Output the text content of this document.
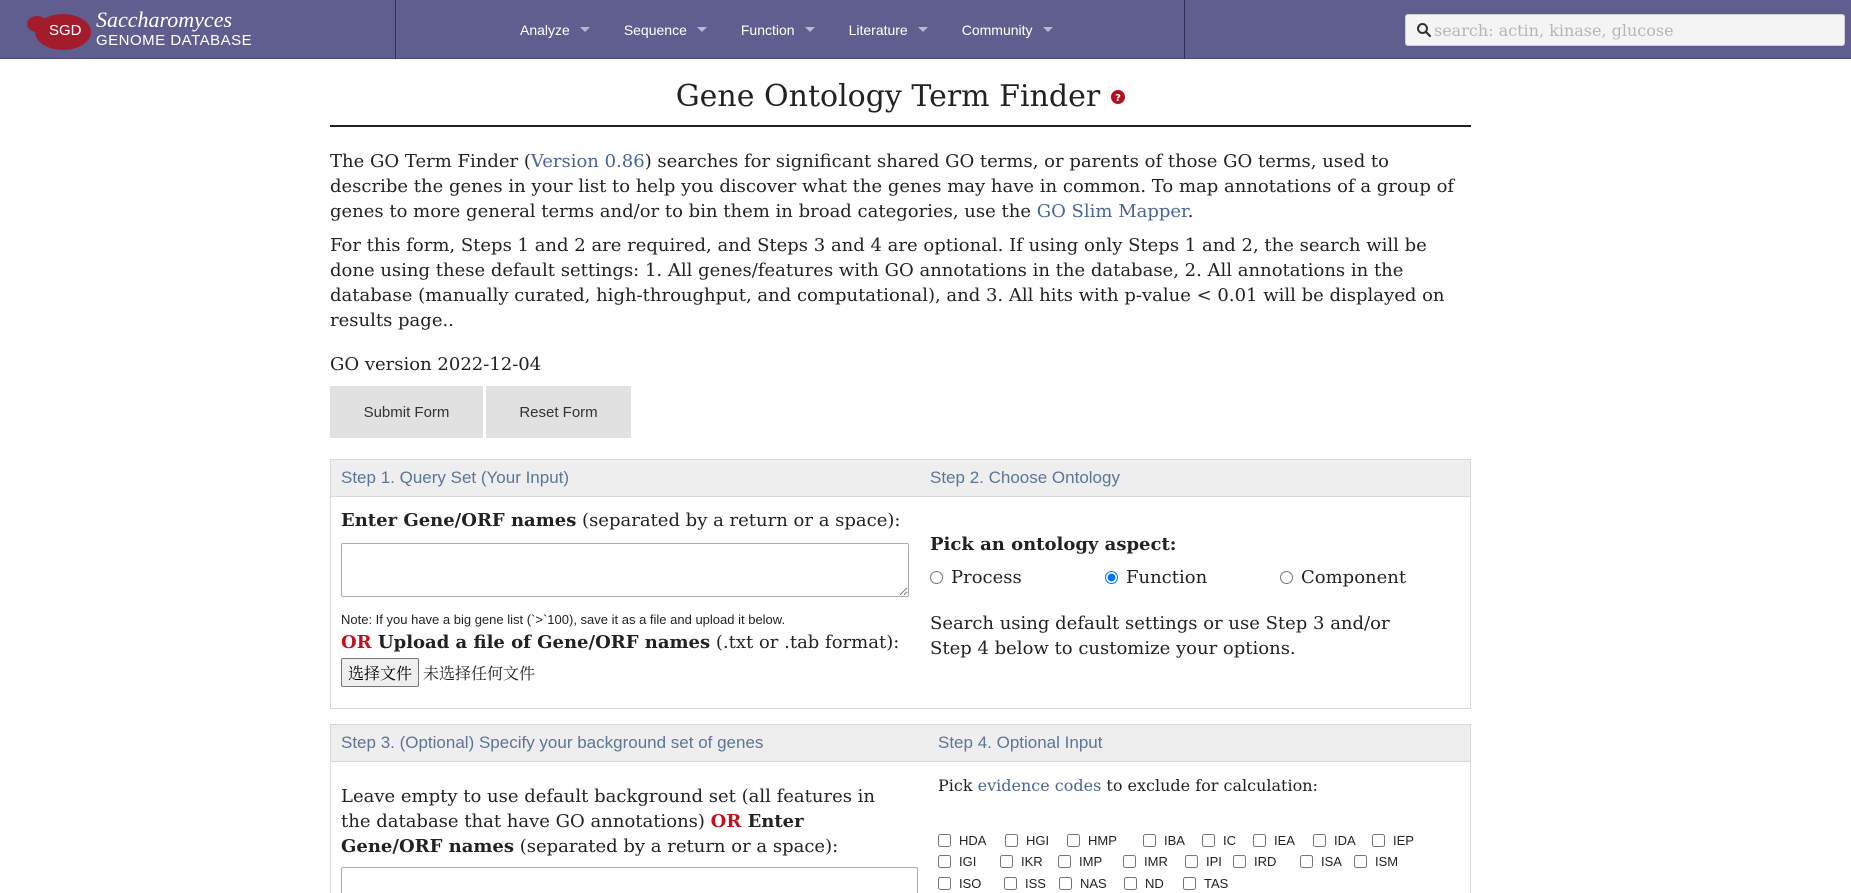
SGD Saccharomyces
GENOME DATABASE
Analyze	Sequence	Function	Literature	Community
search: actin, kinase, glucose
Gene Ontology Term Finder ?

The GO Term Finder (Version 0.86) searches for significant shared GO terms, or parents of those GO terms, used to describe the genes in your list to help you discover what the genes may have in common. To map annotations of a group of genes to more general terms and/or to bin them in broad categories, use the GO Slim Mapper.

For this form, Steps 1 and 2 are required, and Steps 3 and 4 are optional. If using only Steps 1 and 2, the search will be done using these default settings: 1. All genes/features with GO annotations in the database, 2. All annotations in the database (manually curated, high-throughput, and computational), and 3. All hits with p-value < 0.01 will be displayed on results page..

GO version 2022-12-04
Submit Form	Reset Form
Step 1. Query Set (Your Input)	Step 2. Choose Ontology
Enter Gene/ORF names (separated by a return or a space):
Note: If you have a big gene list (`>`100), save it as a file and upload it below.
OR Upload a file of Gene/ORF names (.txt or .tab format):
选择文件 未选择任何文件
Pick an ontology aspect:
Process	Function	Component
Search using default settings or use Step 3 and/or Step 4 below to customize your options.
Step 3. (Optional) Specify your background set of genes	Step 4. Optional Input
Leave empty to use default background set (all features in the database that have GO annotations) OR Enter Gene/ORF names (separated by a return or a space):
Pick evidence codes to exclude for calculation:
HDA	HGI	HMP	IBA	IC	IEA	IDA	IEP
IGI	IKR	IMP	IMR	IPI IRD	ISA	ISM
ISO	ISS	NAS	ND	TAS
